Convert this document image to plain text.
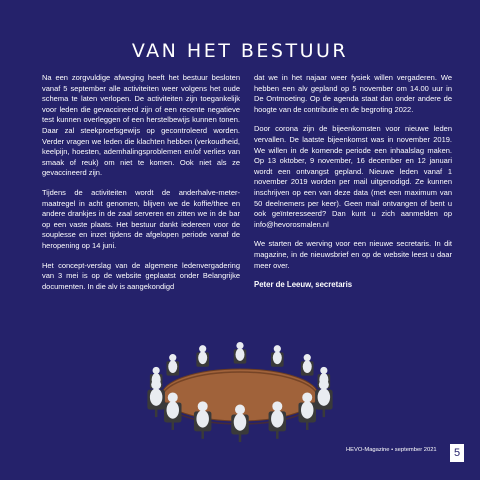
VAN HET BESTUUR

Na een zorgvuldige afweging heeft het bestuur besloten vanaf 5 september alle activiteiten weer volgens het oude schema te laten verlopen. De activiteiten zijn toegankelijk voor leden die gevaccineerd zijn of een recente negatieve test kunnen overleggen of een herstelbewijs kunnen tonen. Daar zal steekproefsgewijs op gecontroleerd worden. Verder vragen we leden die klachten hebben (verkoudheid, keelpijn, hoesten, ademhalingsproblemen en/of verlies van smaak of reuk) om niet te komen. Ook niet als ze gevaccineerd zijn.

Tijdens de activiteiten wordt de anderhalve-meter-maatregel in acht genomen, blijven we de koffie/thee en andere drankjes in de zaal serveren en zitten we in de bar op een vaste plaats. Het bestuur dankt iedereen voor de souplesse en inzet tijdens de afgelopen periode vanaf de heropening op 14 juni.

Het concept-verslag van de algemene ledenvergadering van 3 mei is op de website geplaatst onder Belangrijke documenten. In die alv is aangekondigd

dat we in het najaar weer fysiek willen vergaderen. We hebben een alv gepland op 5 november om 14.00 uur in De Ontmoeting. Op de agenda staat dan onder andere de hoogte van de contributie en de begroting 2022.

Door corona zijn de bijeenkomsten voor nieuwe leden vervallen. De laatste bijeenkomst was in november 2019. We willen in de komende periode een inhaalslag maken. Op 13 oktober, 9 november, 16 december en 12 januari wordt een ontvangst gepland. Nieuwe leden vanaf 1 november 2019 worden per mail uitgenodigd. Ze kunnen inschrijven op een van deze data (met een maximum van 50 deelnemers per keer). Geen mail ontvangen of bent u ook geïnteresseerd? Dan kunt u zich aanmelden op info@hevorosmalen.nl

We starten de werving voor een nieuwe secretaris. In dit magazine, in de nieuwsbrief en op de website leest u daar meer over.

Peter de Leeuw, secretaris

HEVO-Magazine • september 2021	5
